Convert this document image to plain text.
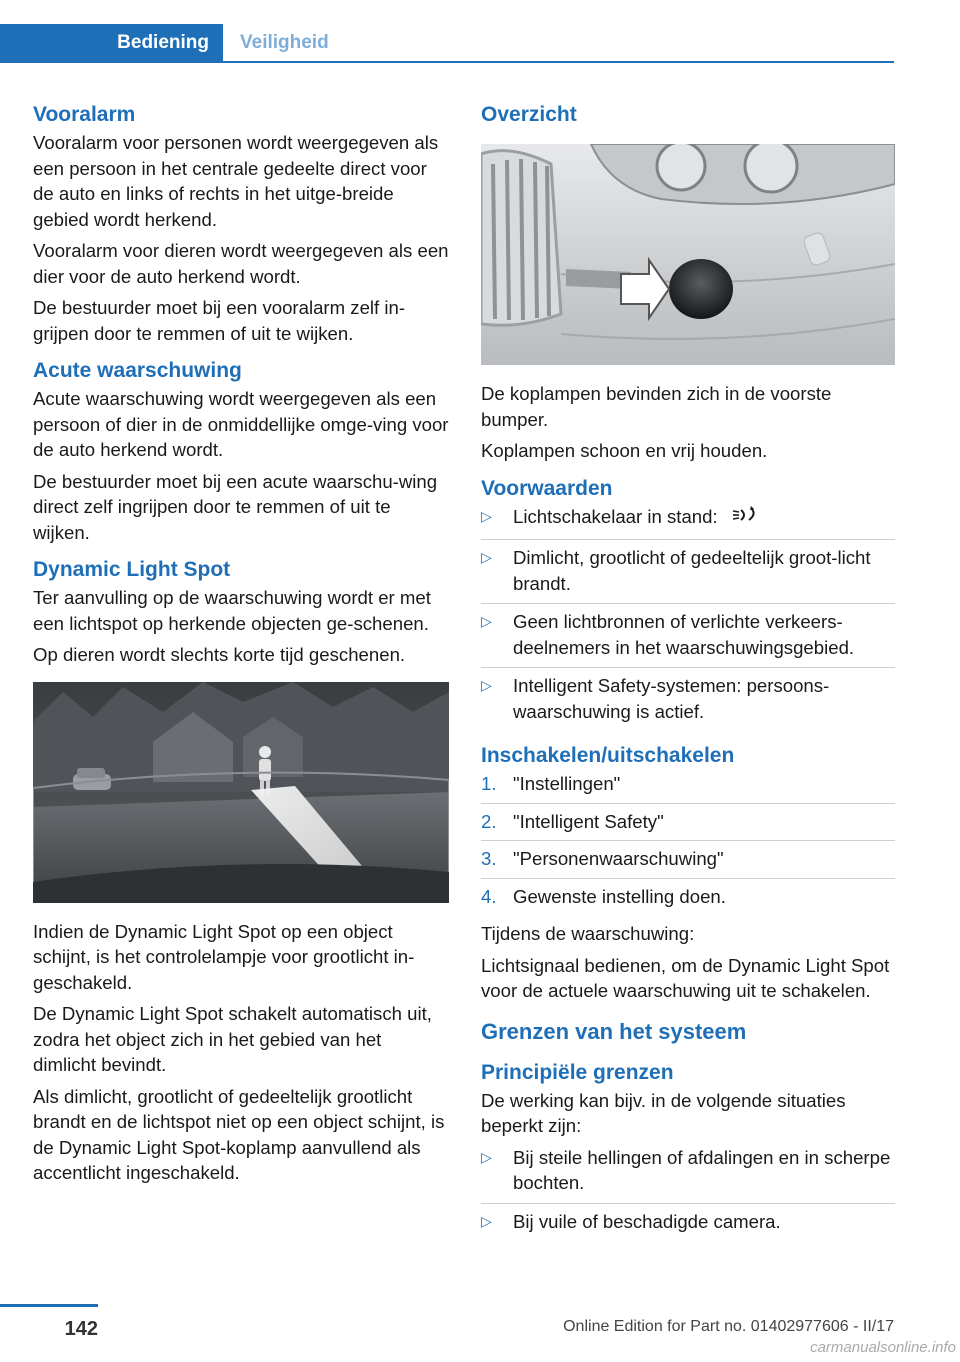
Bediening	Veiligheid
Vooralarm

Vooralarm voor personen wordt weergegeven als een persoon in het centrale gedeelte direct voor de auto en links of rechts in het uitge-breide gebied wordt herkend.

Vooralarm voor dieren wordt weergegeven als een dier voor de auto herkend wordt.

De bestuurder moet bij een vooralarm zelf in-grijpen door te remmen of uit te wijken.

Acute waarschuwing

Acute waarschuwing wordt weergegeven als een persoon of dier in de onmiddellijke omge-ving voor de auto herkend wordt.

De bestuurder moet bij een acute waarschu-wing direct zelf ingrijpen door te remmen of uit te wijken.

Dynamic Light Spot

Ter aanvulling op de waarschuwing wordt er met een lichtspot op herkende objecten ge-schenen.

Op dieren wordt slechts korte tijd geschenen.

Indien de Dynamic Light Spot op een object schijnt, is het controlelampje voor grootlicht in-geschakeld.

De Dynamic Light Spot schakelt automatisch uit, zodra het object zich in het gebied van het dimlicht bevindt.

Als dimlicht, grootlicht of gedeeltelijk grootlicht brandt en de lichtspot niet op een object schijnt, is de Dynamic Light Spot-koplamp aanvullend als accentlicht ingeschakeld.

Overzicht

De koplampen bevinden zich in de voorste bumper.

Koplampen schoon en vrij houden.

Voorwaarden
▷ Lichtschakelaar in stand:
▷ Dimlicht, grootlicht of gedeeltelijk groot-licht brandt.
▷ Geen lichtbronnen of verlichte verkeers-deelnemers in het waarschuwingsgebied.
▷ Intelligent Safety-systemen: persoons-waarschuwing is actief.
Inschakelen/uitschakelen
1. "Instellingen"
2. "Intelligent Safety"
3. "Personenwaarschuwing"
4. Gewenste instelling doen.

Tijdens de waarschuwing:

Lichtsignaal bedienen, om de Dynamic Light Spot voor de actuele waarschuwing uit te schakelen.

Grenzen van het systeem
Principiële grenzen

De werking kan bijv. in de volgende situaties beperkt zijn:

▷ Bij steile hellingen of afdalingen en in scherpe bochten.
▷ Bij vuile of beschadigde camera.
142	Online Edition for Part no. 01402977606 - II/17
carmanualsonline.info
